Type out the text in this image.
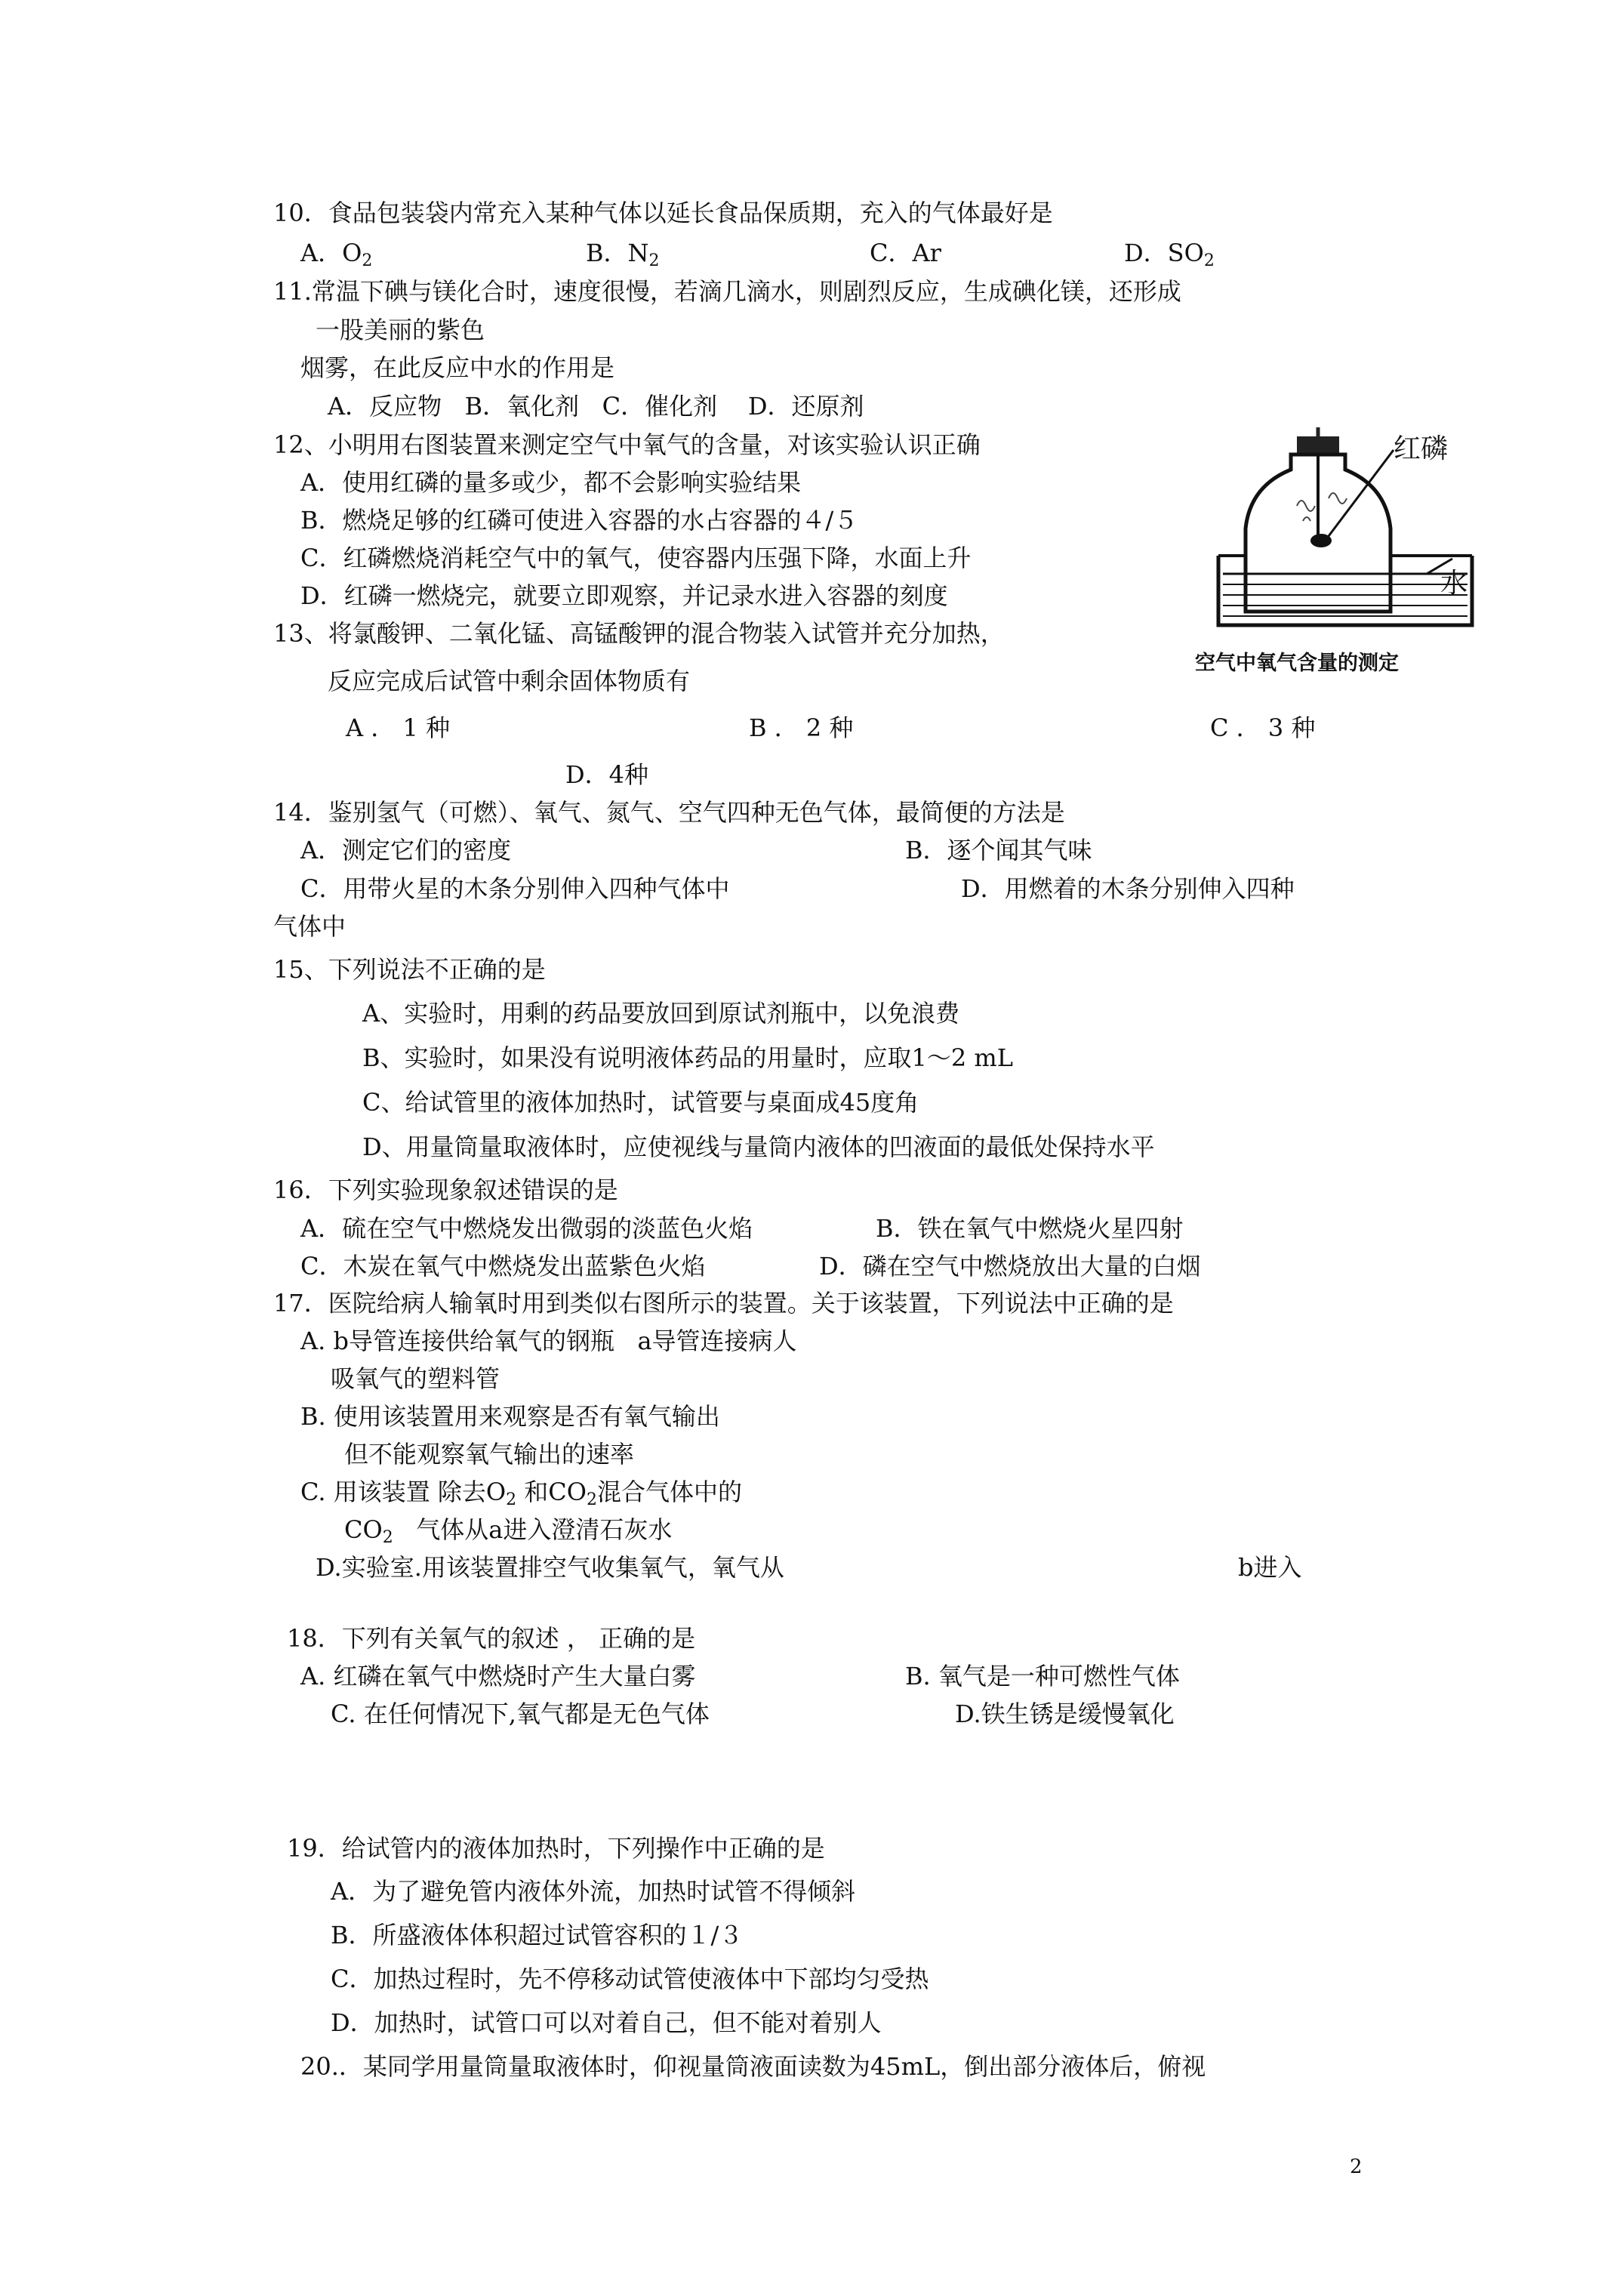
10．食品包装袋内常充入某种气体以延长食品保质期，充入的气体最好是
A．$O_2$	B．$N_2$	C．Ar	D．$SO_2$
11.常温下碘与镁化合时，速度很慢，若滴几滴水，则剧烈反应，生成碘化镁，还形成
一股美丽的紫色
烟雾，在此反应中水的作用是
A．反应物   B．氧化剂   C．催化剂    D．还原剂
12、小明用右图装置来测定空气中氧气的含量，对该实验认识正确
A．使用红磷的量多或少，都不会影响实验结果
B．燃烧足够的红磷可使进入容器的水占容器的４/５
C．红磷燃烧消耗空气中的氧气，使容器内压强下降，水面上升
D．红磷一燃烧完，就要立即观察，并记录水进入容器的刻度
红磷
水
空气中氧气含量的测定
13、将氯酸钾、二氧化锰、高锰酸钾的混合物装入试管并充分加热，
反应完成后试管中剩余固体物质有
A ． 1 种	B ． 2 种	C ． 3 种
D．4种
14．鉴别氢气（可燃）、氧气、氮气、空气四种无色气体，最简便的方法是
A．测定它们的密度	B．逐个闻其气味
C．用带火星的木条分别伸入四种气体中	D．用燃着的木条分别伸入四种
气体中
15、下列说法不正确的是
A、实验时，用剩的药品要放回到原试剂瓶中，以免浪费
B、实验时，如果没有说明液体药品的用量时，应取1～2 mL
C、给试管里的液体加热时，试管要与桌面成45度角
D、用量筒量取液体时，应使视线与量筒内液体的凹液面的最低处保持水平
16．下列实验现象叙述错误的是
A．硫在空气中燃烧发出微弱的淡蓝色火焰	B．铁在氧气中燃烧火星四射
C．木炭在氧气中燃烧发出蓝紫色火焰	D．磷在空气中燃烧放出大量的白烟
17．医院给病人输氧时用到类似右图所示的装置。关于该装置，下列说法中正确的是
A. b导管连接供给氧气的钢瓶   a导管连接病人
吸氧气的塑料管
B. 使用该装置用来观察是否有氧气输出
但不能观察氧气输出的速率
C. 用该装置 除去$O_2$ 和$CO_2$混合气体中的
$CO_2$   气体从a进入澄清石灰水
D.实验室.用该装置排空气收集氧气，氧气从	b进入
18．下列有关氧气的叙述 ， 正确的是
A. 红磷在氧气中燃烧时产生大量白雾	B. 氧气是一种可燃性气体
C. 在任何情况下,氧气都是无色气体	D.铁生锈是缓慢氧化
19．给试管内的液体加热时，下列操作中正确的是
A．为了避免管内液体外流，加热时试管不得倾斜
B．所盛液体体积超过试管容积的１/３
C．加热过程时，先不停移动试管使液体中下部均匀受热
D．加热时，试管口可以对着自己，但不能对着别人
20.．某同学用量筒量取液体时，仰视量筒液面读数为45mL，倒出部分液体后，俯视
2
